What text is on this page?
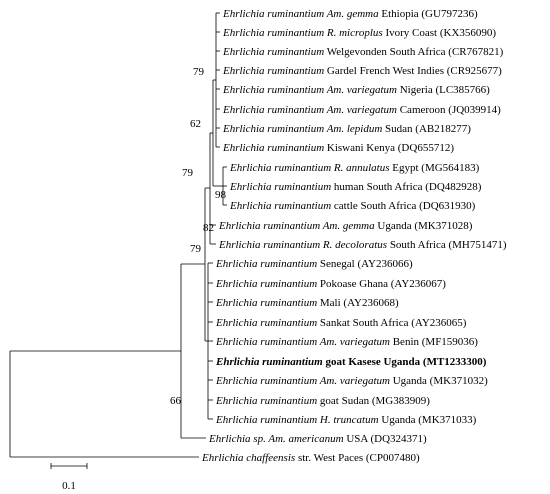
Ehrlichia ruminantium Am. gemma Ethiopia (GU797236)
Ehrlichia ruminantium R. microplus Ivory Coast (KX356090)
Ehrlichia ruminantium Welgevonden South Africa (CR767821)
Ehrlichia ruminantium Gardel French West Indies (CR925677)
Ehrlichia ruminantium Am. variegatum Nigeria (LC385766)
Ehrlichia ruminantium Am. variegatum Cameroon (JQ039914)
Ehrlichia ruminantium Am. lepidum Sudan (AB218277)
Ehrlichia ruminantium Kiswani Kenya (DQ655712)
Ehrlichia ruminantium R. annulatus Egypt (MG564183)
Ehrlichia ruminantium human South Africa (DQ482928)
Ehrlichia ruminantium cattle South Africa (DQ631930)
Ehrlichia ruminantium Am. gemma Uganda (MK371028)
Ehrlichia ruminantium R. decoloratus South Africa (MH751471)
Ehrlichia ruminantium Senegal (AY236066)
Ehrlichia ruminantium Pokoase Ghana (AY236067)
Ehrlichia ruminantium Mali (AY236068)
Ehrlichia ruminantium Sankat South Africa (AY236065)
Ehrlichia ruminantium Am. variegatum Benin (MF159036)
Ehrlichia ruminantium goat Kasese Uganda (MT1233300)
Ehrlichia ruminantium Am. variegatum Uganda (MK371032)
Ehrlichia ruminantium goat Sudan (MG383909)
Ehrlichia ruminantium H. truncatum Uganda (MK371033)
Ehrlichia sp. Am. americanum USA (DQ324371)
Ehrlichia chaffeensis str. West Paces (CP007480)
79
62
79
98
82
79
66
0.1
